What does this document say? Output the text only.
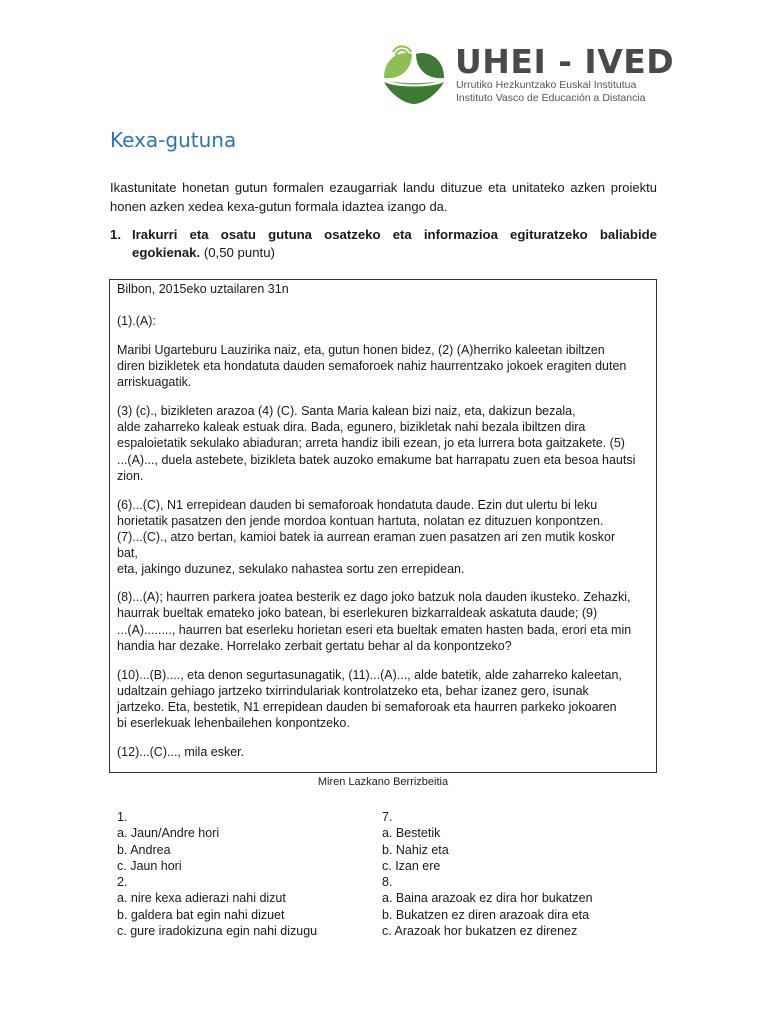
UHEI - IVED
Urrutiko Hezkuntzako Euskal Institutua
Instituto Vasco de Educación a Distancia
Kexa-gutuna
Ikastunitate honetan gutun formalen ezaugarriak landu dituzue eta unitateko azken proiektu honen azken xedea kexa-gutun formala idaztea izango da.
1. Irakurri eta osatu gutuna osatzeko eta informazioa egituratzeko baliabide egokienak. (0,50 puntu)
Bilbon, 2015eko uztailaren 31n
(1).(A):
Maribi Ugarteburu Lauzirika naiz, eta, gutun honen bidez, (2) (A)herriko kaleetan ibiltzen
diren bizikletek eta hondatuta dauden semaforoek nahiz haurrentzako jokoek eragiten duten
arriskuagatik.
(3) (c)., bizikleten arazoa (4) (C). Santa Maria kalean bizi naiz, eta, dakizun bezala,
alde zaharreko kaleak estuak dira. Bada, egunero, bizikletak nahi bezala ibiltzen dira
espaloietatik sekulako abiaduran; arreta handiz ibili ezean, jo eta lurrera bota gaitzakete. (5)
...(A)..., duela astebete, bizikleta batek auzoko emakume bat harrapatu zuen eta besoa hautsi
zion.
(6)...(C), N1 errepidean dauden bi semaforoak hondatuta daude. Ezin dut ulertu bi leku
horietatik pasatzen den jende mordoa kontuan hartuta, nolatan ez dituzuen konpontzen.
(7)...(C)., atzo bertan, kamioi batek ia aurrean eraman zuen pasatzen ari zen mutik koskor
bat,
eta, jakingo duzunez, sekulako nahastea sortu zen errepidean.
(8)...(A); haurren parkera joatea besterik ez dago joko batzuk nola dauden ikusteko. Zehazki,
haurrak bueltak emateko joko batean, bi eserlekuren bizkarraldeak askatuta daude; (9)
...(A)........, haurren bat eserleku horietan eseri eta bueltak ematen hasten bada, erori eta min
handia har dezake. Horrelako zerbait gertatu behar al da konpontzeko?
(10)...(B)...., eta denon segurtasunagatik, (11)...(A)..., alde batetik, alde zaharreko kaleetan,
udaltzain gehiago jartzeko txirrindulariak kontrolatzeko eta, behar izanez gero, isunak
jartzeko. Eta, bestetik, N1 errepidean dauden bi semaforoak eta haurren parkeko jokoaren
bi eserlekuak lehenbailehen konpontzeko.
(12)...(C)..., mila esker.
Miren Lazkano Berrizbeitia
1.
a. Jaun/Andre hori
b. Andrea
c. Jaun hori
2.
a. nire kexa adierazi nahi dizut
b. galdera bat egin nahi dizuet
c. gure iradokizuna egin nahi dizugu
7.
a. Bestetik
b. Nahiz eta
c. Izan ere
8.
a. Baina arazoak ez dira hor bukatzen
b. Bukatzen ez diren arazoak dira eta
c. Arazoak hor bukatzen ez direnez
